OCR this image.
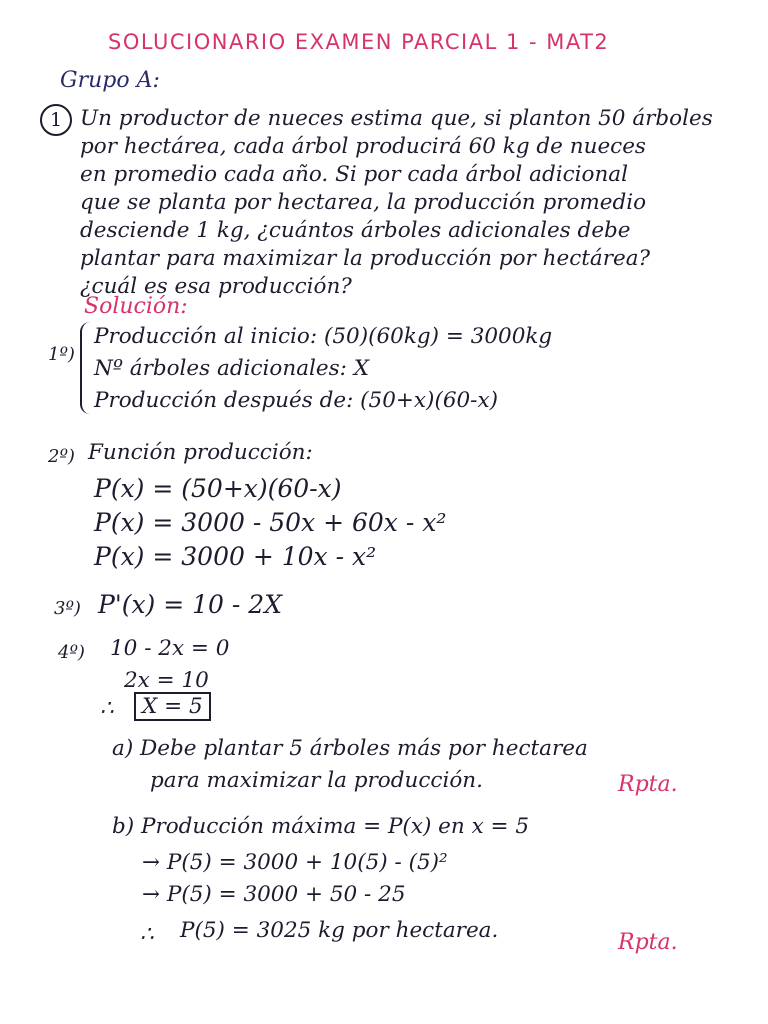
SOLUCIONARIO EXAMEN PARCIAL 1 - MAT2
Grupo A:
1 Un productor de nueces estima que, si planton 50 árboles
por hectárea, cada árbol producirá 60 kg de nueces
en promedio cada año. Si por cada árbol adicional
que se planta por hectarea, la producción promedio
desciende 1 kg, ¿cuántos árboles adicionales debe
plantar para maximizar la producción por hectárea?
¿cuál es esa producción?
Solución:
1º)
Producción al inicio: (50)(60kg) = 3000kg
Nº árboles adicionales: X
Producción después de: (50+x)(60-x)
2º) Función producción:
P(x) = (50+x)(60-x)
P(x) = 3000 - 50x + 60x - x²
P(x) = 3000 + 10x - x²
3º) P'(x) = 10 - 2X
4º) 10 - 2x = 0
2x = 10
∴	X = 5
a) Debe plantar 5 árboles más por hectarea
para maximizar la producción.	Rpta.
b) Producción máxima = P(x) en x = 5
→ P(5) = 3000 + 10(5) - (5)²
→ P(5) = 3000 + 50 - 25
∴ P(5) = 3025 kg por hectarea.	Rpta.
